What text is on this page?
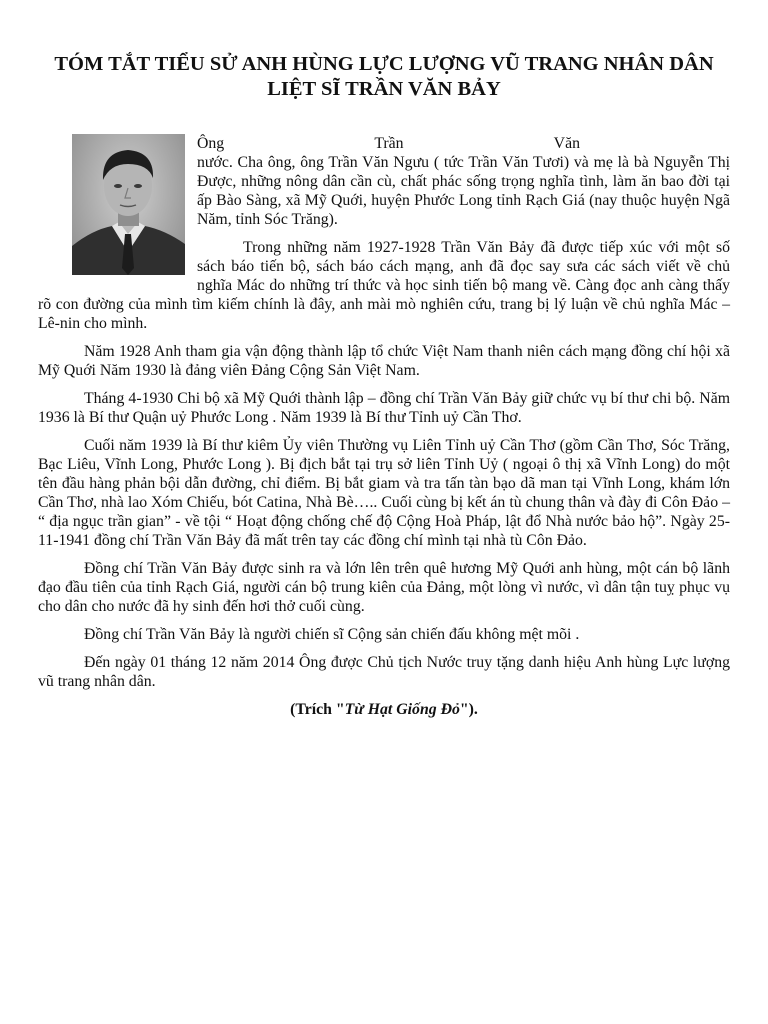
TÓM TẮT TIỂU SỬ ANH HÙNG LỰC LƯỢNG VŨ TRANG NHÂN DÂN LIỆT SĨ TRẦN VĂN BẢY
Ông	Trần	Văn

nước. Cha ông, ông Trần Văn Ngưu ( tức Trần Văn Tươi) và mẹ là bà Nguyễn Thị Được, những nông dân cần cù, chất phác sống trọng nghĩa tình, làm ăn bao đời tại ấp Bào Sàng, xã Mỹ Quới, huyện Phước Long tỉnh Rạch Giá (nay thuộc huyện Ngã Năm, tỉnh Sóc Trăng).

Trong những năm 1927-1928 Trần Văn Bảy đã được tiếp xúc với một số sách báo tiến bộ, sách báo cách mạng, anh đã đọc say sưa các sách viết về chủ nghĩa Mác do những trí thức và học sinh tiến bộ mang về. Càng đọc anh càng thấy rõ con đường của mình tìm kiếm chính là đây, anh mài mò nghiên cứu, trang bị lý luận về chủ nghĩa Mác – Lê-nin cho mình.

Năm 1928 Anh tham gia vận động thành lập tổ chức Việt Nam thanh niên cách mạng đồng chí hội xã Mỹ Quới Năm 1930 là đảng viên Đảng Cộng Sản Việt Nam.

Tháng 4-1930 Chi bộ xã Mỹ Quới thành lập – đồng chí Trần Văn Bảy giữ chức vụ bí thư chi bộ. Năm 1936 là Bí thư Quận uỷ Phước Long . Năm 1939 là Bí thư Tỉnh uỷ Cần Thơ.

Cuối năm 1939 là Bí thư kiêm Ủy viên Thường vụ Liên Tỉnh uỷ Cần Thơ (gồm Cần Thơ, Sóc Trăng, Bạc Liêu, Vĩnh Long, Phước Long ). Bị địch bắt tại trụ sở liên Tỉnh Uỷ ( ngoại ô thị xã Vĩnh Long) do một tên đầu hàng phản bội dẫn đường, chỉ điểm. Bị bắt giam và tra tấn tàn bạo dã man tại Vĩnh Long, khám lớn Cần Thơ, nhà lao Xóm Chiếu, bót Catina, Nhà Bè….. Cuối cùng bị kết án tù chung thân và đày đi Côn Đảo – “ địa ngục trần gian” - về tội “ Hoạt động chống chế độ Cộng Hoà Pháp, lật đổ Nhà nước bảo hộ”. Ngày 25-11-1941 đồng chí Trần Văn Bảy đã mất trên tay các đồng chí mình tại nhà tù Côn Đảo.

Đồng chí Trần Văn Bảy được sinh ra và lớn lên trên quê hương Mỹ Quới anh hùng, một cán bộ lãnh đạo đầu tiên của tỉnh Rạch Giá, người cán bộ trung kiên của Đảng, một lòng vì nước, vì dân tận tuỵ phục vụ cho dân cho nước đã hy sinh đến hơi thở cuối cùng.

Đồng chí Trần Văn Bảy là người chiến sĩ Cộng sản chiến đấu không mệt mõi .

Đến ngày 01 tháng 12 năm 2014 Ông được Chủ tịch Nước truy tặng danh hiệu Anh hùng Lực lượng vũ trang nhân dân.

(Trích "Từ Hạt Giống Đỏ").
